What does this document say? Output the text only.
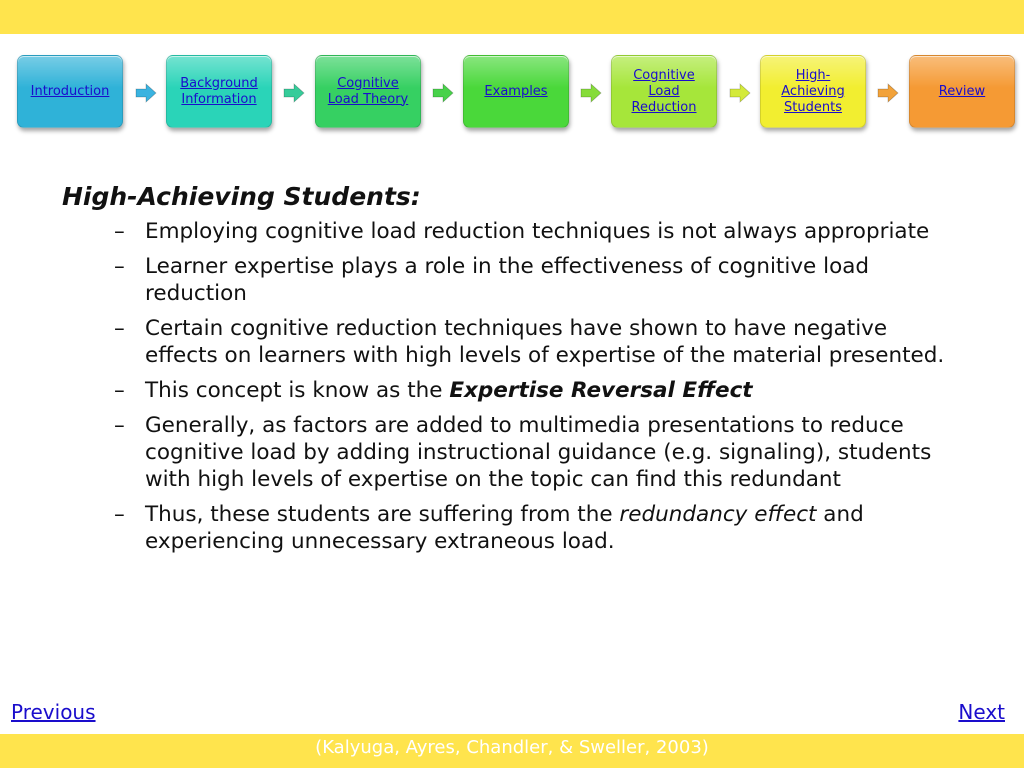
Introduction
Background Information
Cognitive Load Theory
Examples
Cognitive Load Reduction
High-Achieving Students
Review
High-Achieving Students:
– Employing cognitive load reduction techniques is not always appropriate
– Learner expertise plays a role in the effectiveness of cognitive load reduction
– Certain cognitive reduction techniques have shown to have negative effects on learners with high levels of expertise of the material presented.
– This concept is know as the Expertise Reversal Effect
– Generally, as factors are added to multimedia presentations to reduce cognitive load by adding instructional guidance (e.g. signaling), students with high levels of expertise on the topic can find this redundant
– Thus, these students are suffering from the redundancy effect and experiencing unnecessary extraneous load.
Previous	Next
(Kalyuga, Ayres, Chandler, & Sweller, 2003)
